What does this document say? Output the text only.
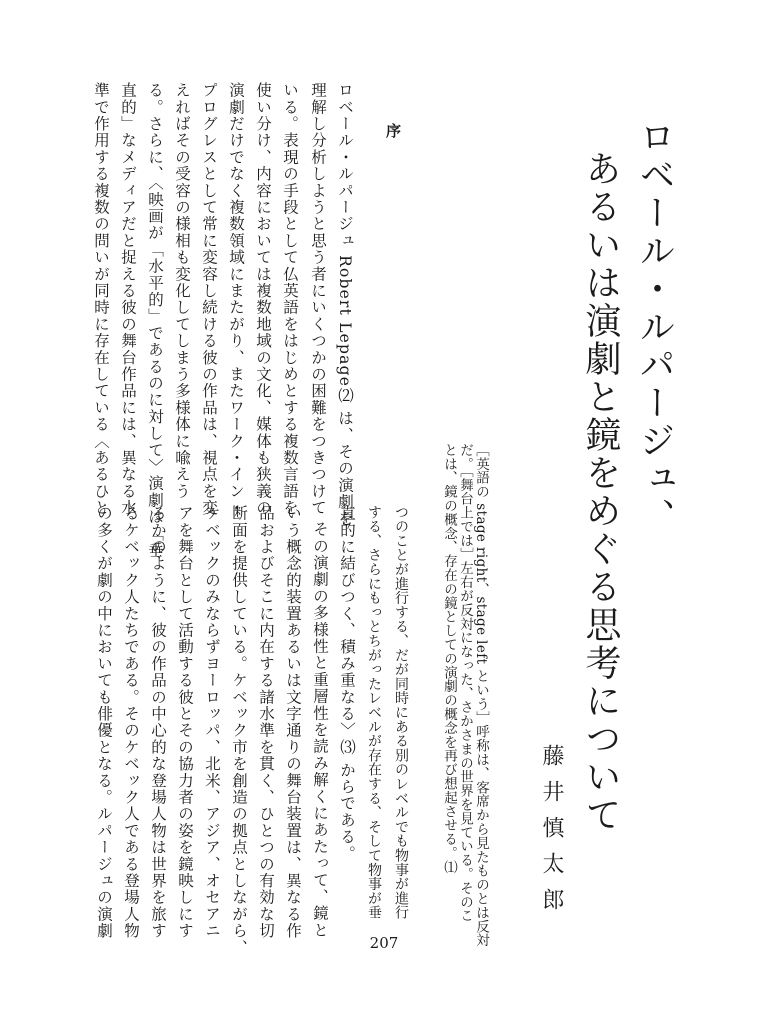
ロベール・ルパージュ、
あるいは演劇と鏡をめぐる思考について
［英語の stage right、stage left という］呼称は、客席から見たものとは反対
だ。［舞台上では］左右が反対になった、さかさまの世界を見ている。そのこ
とは、鏡の概念、存在の鏡としての演劇の概念を再び想起させる。⑴	藤井慎太郎
序
ロベール・ルパージュ Robert Lepage⑵ は、その演劇を
理解し分析しようと思う者にいくつかの困難をつきつけて
いる。表現の手段として仏英語をはじめとする複数言語を
使い分け、内容においては複数地域の文化、媒体も狭義の
演劇だけでなく複数領域にまたがり、またワーク・イン・
プログレスとして常に変容し続ける彼の作品は、視点を変
えればその受容の様相も変化してしまう多様体に喩えう
る。さらに、〈映画が「水平的」であるのに対して〉演劇は「垂
直的」なメディアだと捉える彼の舞台作品には、異なる水
準で作用する複数の問いが同時に存在している〈あるひと
つのことが進行する、だが同時にある別のレベルでも物事が進行
する、さらにもっとちがったレベルが存在する、そして物事が垂
直的に結びつく、積み重なる〉⑶ からである。
その演劇の多様性と重層性を読み解くにあたって、鏡と
いう概念的装置あるいは文字通りの舞台装置は、異なる作
品およびそこに内在する諸水準を貫く、ひとつの有効な切
断面を提供している。ケベック市を創造の拠点としながら、
ケベックのみならずヨーロッパ、北米、アジア、オセアニ
アを舞台として活動する彼とその協力者の姿を鏡映しにす
るかのように、彼の作品の中心的な登場人物は世界を旅す
るケベック人たちである。そのケベック人である登場人物
の多くが劇の中においても俳優となる。ルパージュの演劇
207
